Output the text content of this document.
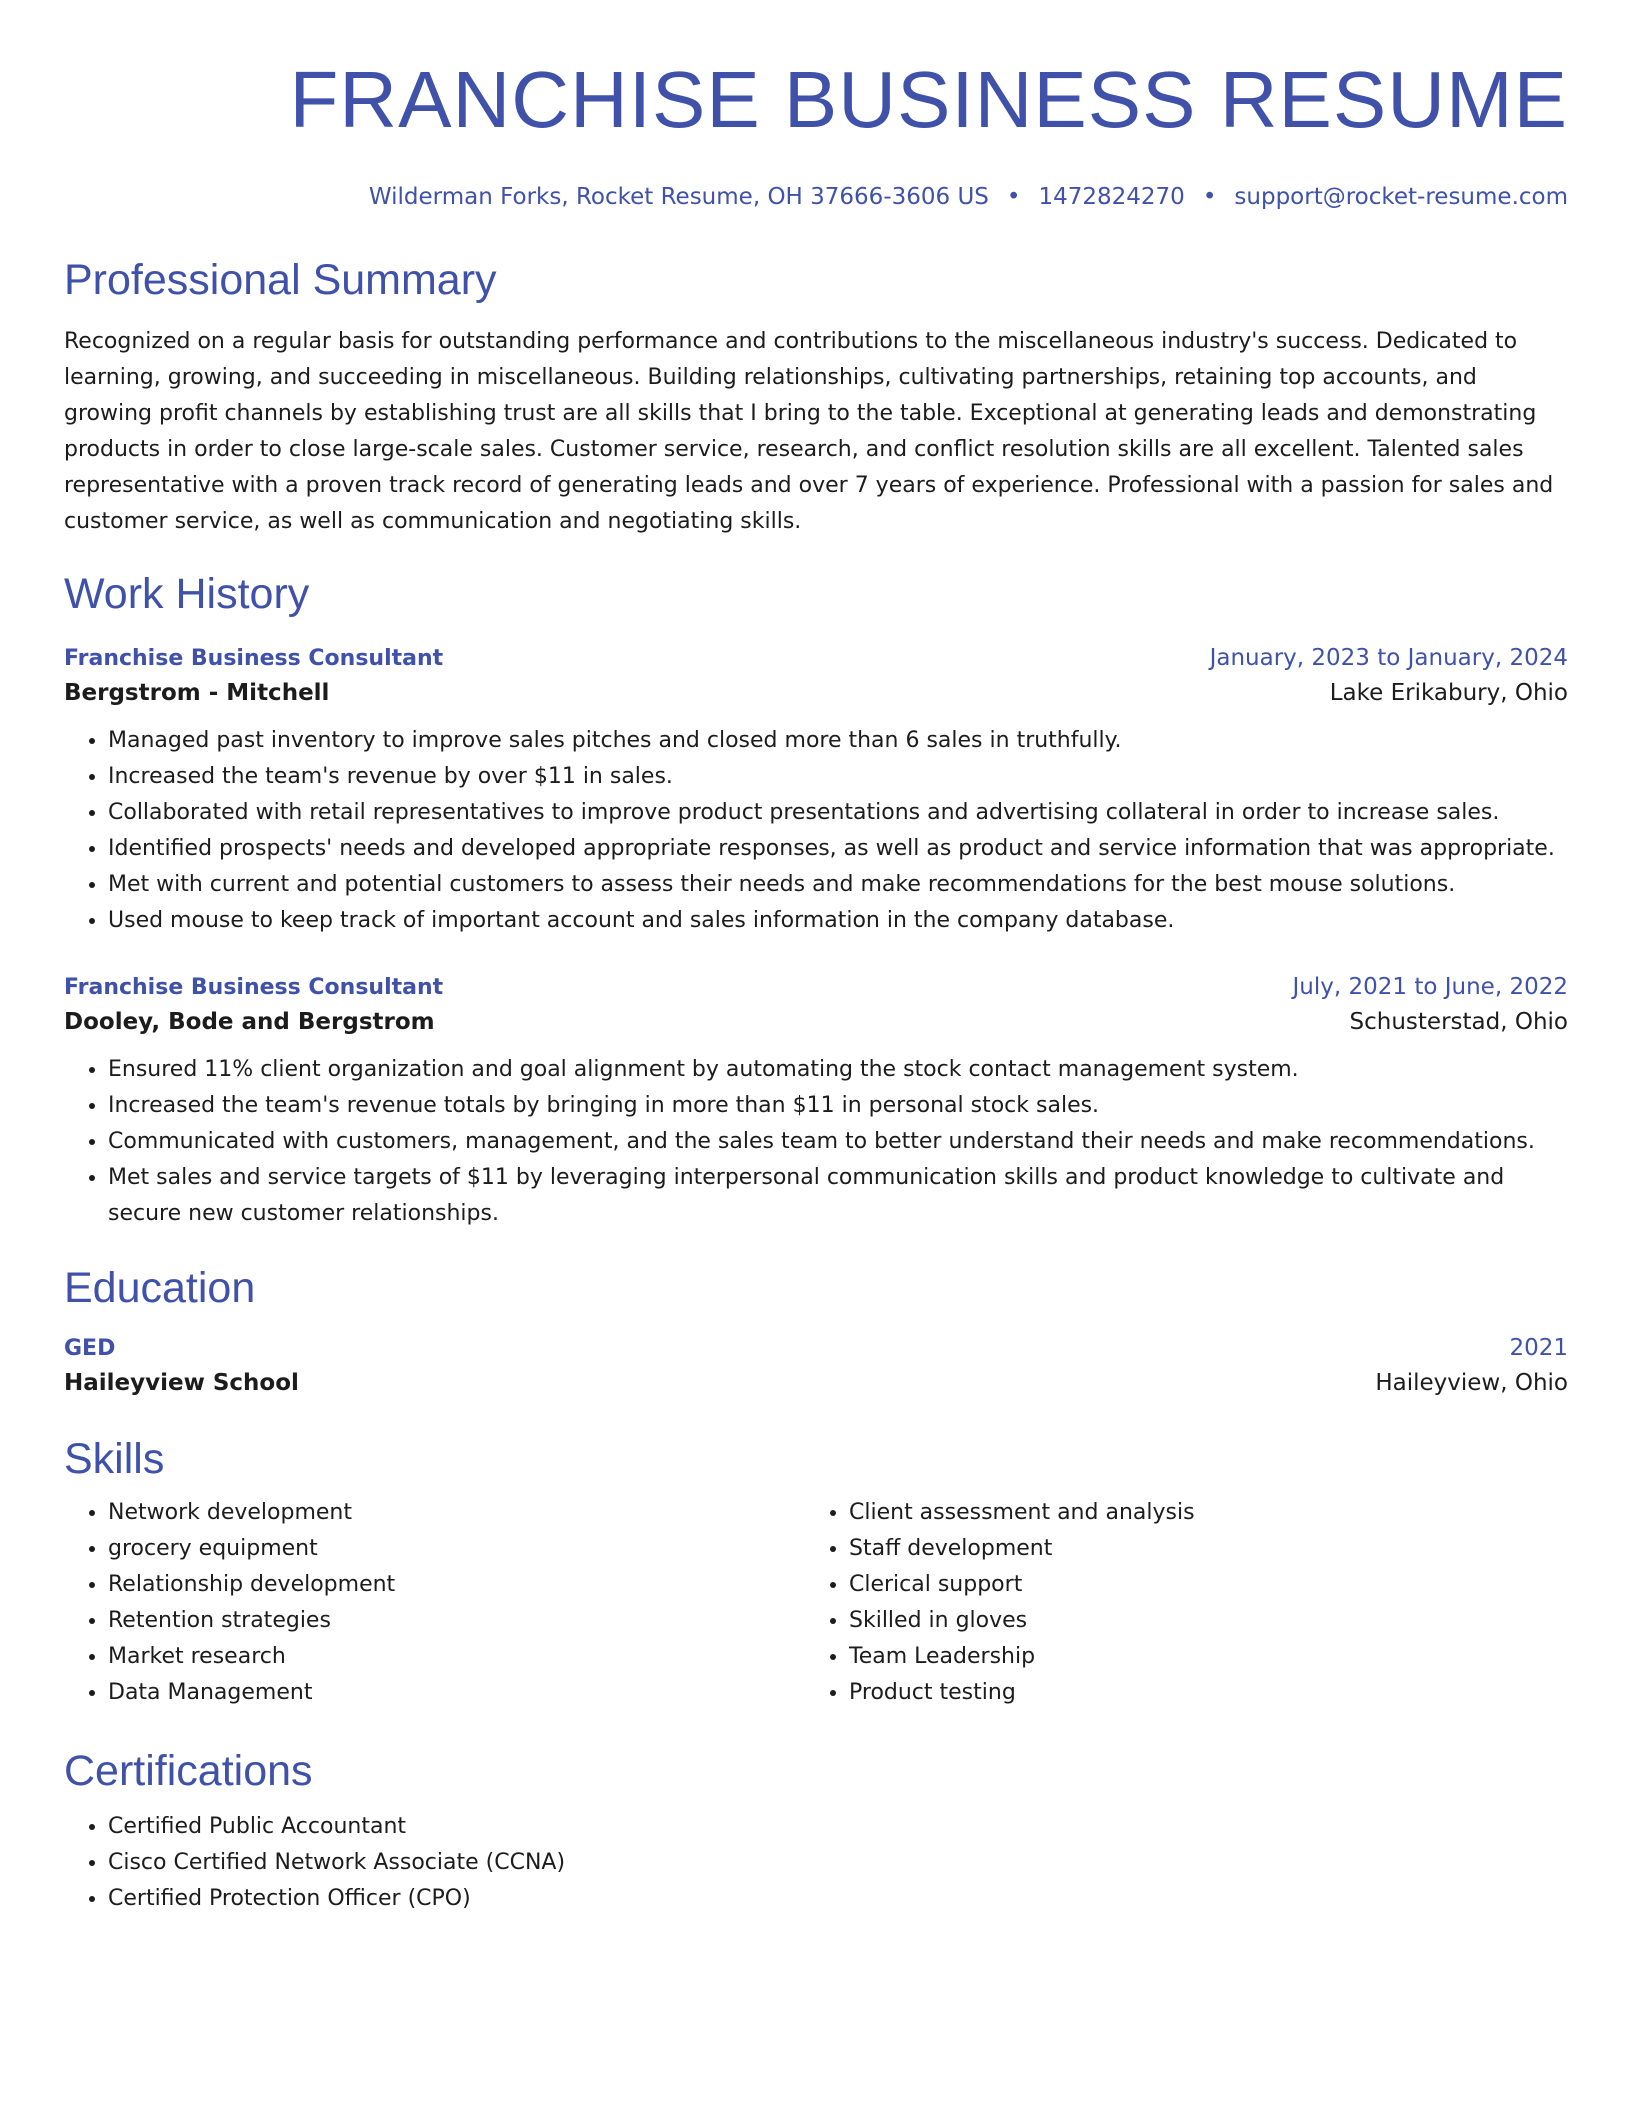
FRANCHISE BUSINESS RESUME
Wilderman Forks, Rocket Resume, OH 37666-3606 US • 1472824270 • support@rocket-resume.com
Professional Summary
Recognized on a regular basis for outstanding performance and contributions to the miscellaneous industry's success. Dedicated to learning, growing, and succeeding in miscellaneous. Building relationships, cultivating partnerships, retaining top accounts, and growing profit channels by establishing trust are all skills that I bring to the table. Exceptional at generating leads and demonstrating products in order to close large-scale sales. Customer service, research, and conflict resolution skills are all excellent. Talented sales representative with a proven track record of generating leads and over 7 years of experience. Professional with a passion for sales and customer service, as well as communication and negotiating skills.
Work History
Franchise Business Consultant	January, 2023 to January, 2024
Bergstrom - Mitchell	Lake Erikabury, Ohio
• Managed past inventory to improve sales pitches and closed more than 6 sales in truthfully.
• Increased the team's revenue by over $11 in sales.
• Collaborated with retail representatives to improve product presentations and advertising collateral in order to increase sales.
• Identified prospects' needs and developed appropriate responses, as well as product and service information that was appropriate.
• Met with current and potential customers to assess their needs and make recommendations for the best mouse solutions.
• Used mouse to keep track of important account and sales information in the company database.
Franchise Business Consultant	July, 2021 to June, 2022
Dooley, Bode and Bergstrom	Schusterstad, Ohio
• Ensured 11% client organization and goal alignment by automating the stock contact management system.
• Increased the team's revenue totals by bringing in more than $11 in personal stock sales.
• Communicated with customers, management, and the sales team to better understand their needs and make recommendations.
• Met sales and service targets of $11 by leveraging interpersonal communication skills and product knowledge to cultivate and secure new customer relationships.
Education
GED	2021
Haileyview School	Haileyview, Ohio
Skills
• Network development
• grocery equipment
• Relationship development
• Retention strategies
• Market research
• Data Management
• Client assessment and analysis
• Staff development
• Clerical support
• Skilled in gloves
• Team Leadership
• Product testing
Certifications
• Certified Public Accountant
• Cisco Certified Network Associate (CCNA)
• Certified Protection Officer (CPO)
